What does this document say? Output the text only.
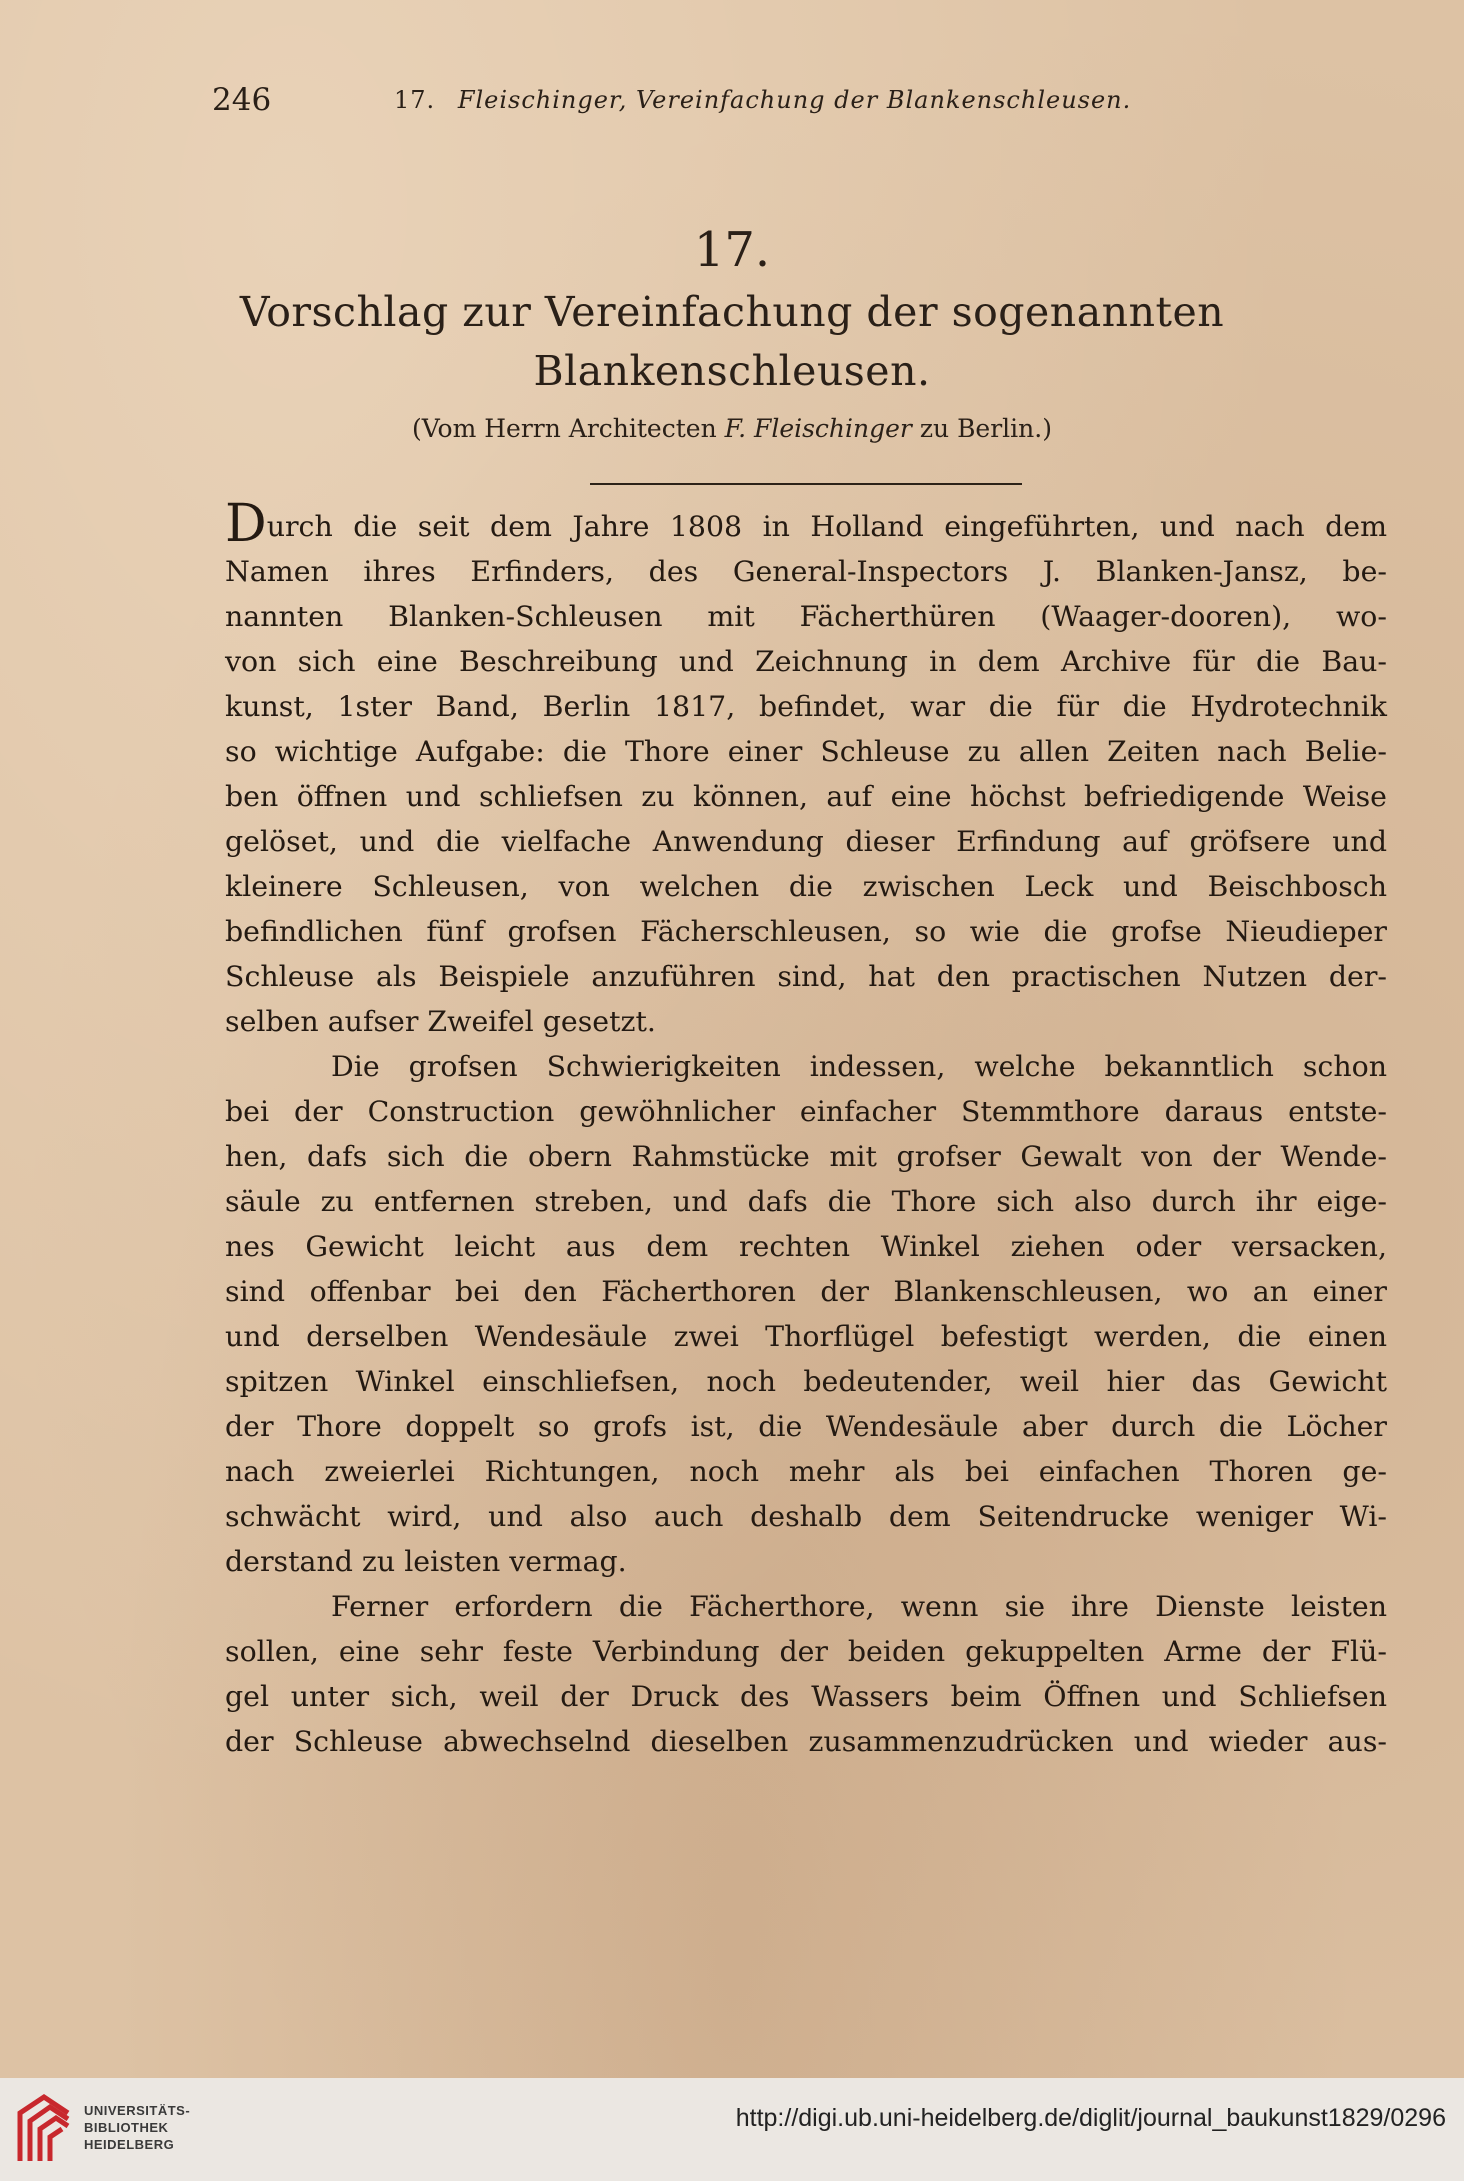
246	17. Fleischinger, Vereinfachung der Blankenschleusen.
17.
Vorschlag zur Vereinfachung der sogenannten
Blankenschleusen.
(Vom Herrn Architecten F. Fleischinger zu Berlin.)
Durch die seit dem Jahre 1808 in Holland eingeführten, und nach dem
Namen ihres Erfinders, des General-Inspectors J. Blanken-Jansz, be-
nannten Blanken-Schleusen mit Fächerthüren (Waager-dooren), wo-
von sich eine Beschreibung und Zeichnung in dem Archive für die Bau-
kunst, 1ster Band, Berlin 1817, befindet, war die für die Hydrotechnik
so wichtige Aufgabe: die Thore einer Schleuse zu allen Zeiten nach Belie-
ben öffnen und schliefsen zu können, auf eine höchst befriedigende Weise
gelöset, und die vielfache Anwendung dieser Erfindung auf gröfsere und
kleinere Schleusen, von welchen die zwischen Leck und Beischbosch
befindlichen fünf grofsen Fächerschleusen, so wie die grofse Nieudieper
Schleuse als Beispiele anzuführen sind, hat den practischen Nutzen der-
selben aufser Zweifel gesetzt.
Die grofsen Schwierigkeiten indessen, welche bekanntlich schon
bei der Construction gewöhnlicher einfacher Stemmthore daraus entste-
hen, dafs sich die obern Rahmstücke mit grofser Gewalt von der Wende-
säule zu entfernen streben, und dafs die Thore sich also durch ihr eige-
nes Gewicht leicht aus dem rechten Winkel ziehen oder versacken,
sind offenbar bei den Fächerthoren der Blankenschleusen, wo an einer
und derselben Wendesäule zwei Thorflügel befestigt werden, die einen
spitzen Winkel einschliefsen, noch bedeutender, weil hier das Gewicht
der Thore doppelt so grofs ist, die Wendesäule aber durch die Löcher
nach zweierlei Richtungen, noch mehr als bei einfachen Thoren ge-
schwächt wird, und also auch deshalb dem Seitendrucke weniger Wi-
derstand zu leisten vermag.
Ferner erfordern die Fächerthore, wenn sie ihre Dienste leisten
sollen, eine sehr feste Verbindung der beiden gekuppelten Arme der Flü-
gel unter sich, weil der Druck des Wassers beim Öffnen und Schliefsen
der Schleuse abwechselnd dieselben zusammenzudrücken und wieder aus-
UNIVERSITÄTS-
BIBLIOTHEK
HEIDELBERG
http://digi.ub.uni-heidelberg.de/diglit/journal_baukunst1829/0296
